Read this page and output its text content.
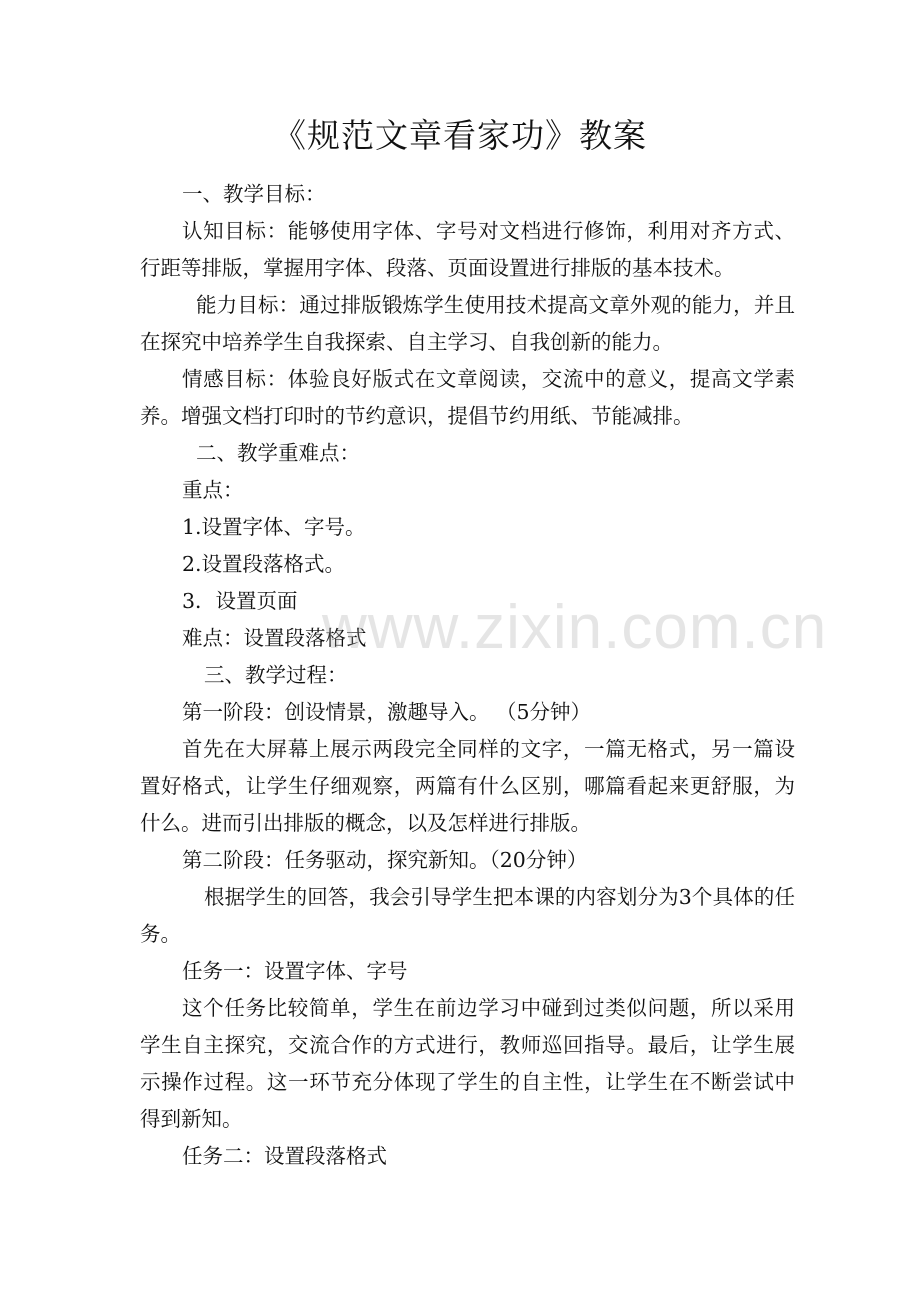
《规范文章看家功》教案

一、教学目标：

认知目标：能够使用字体、字号对文档进行修饰，利用对齐方式、行距等排版，掌握用字体、段落、页面设置进行排版的基本技术。

能力目标：通过排版锻炼学生使用技术提高文章外观的能力，并且在探究中培养学生自我探索、自主学习、自我创新的能力。

情感目标：体验良好版式在文章阅读，交流中的意义，提高文学素养。增强文档打印时的节约意识，提倡节约用纸、节能减排。

二、教学重难点：

重点：

1.设置字体、字号。

2.设置段落格式。

3．设置页面

难点：设置段落格式

三、教学过程：

第一阶段：创设情景，激趣导入。 （5分钟）

首先在大屏幕上展示两段完全同样的文字，一篇无格式，另一篇设置好格式，让学生仔细观察，两篇有什么区别，哪篇看起来更舒服，为什么。进而引出排版的概念，以及怎样进行排版。

第二阶段：任务驱动，探究新知。（20分钟）

根据学生的回答，我会引导学生把本课的内容划分为3个具体的任务。

任务一：设置字体、字号

这个任务比较简单，学生在前边学习中碰到过类似问题，所以采用学生自主探究，交流合作的方式进行，教师巡回指导。最后，让学生展示操作过程。这一环节充分体现了学生的自主性，让学生在不断尝试中得到新知。

任务二：设置段落格式

www.zixin.com.cn
